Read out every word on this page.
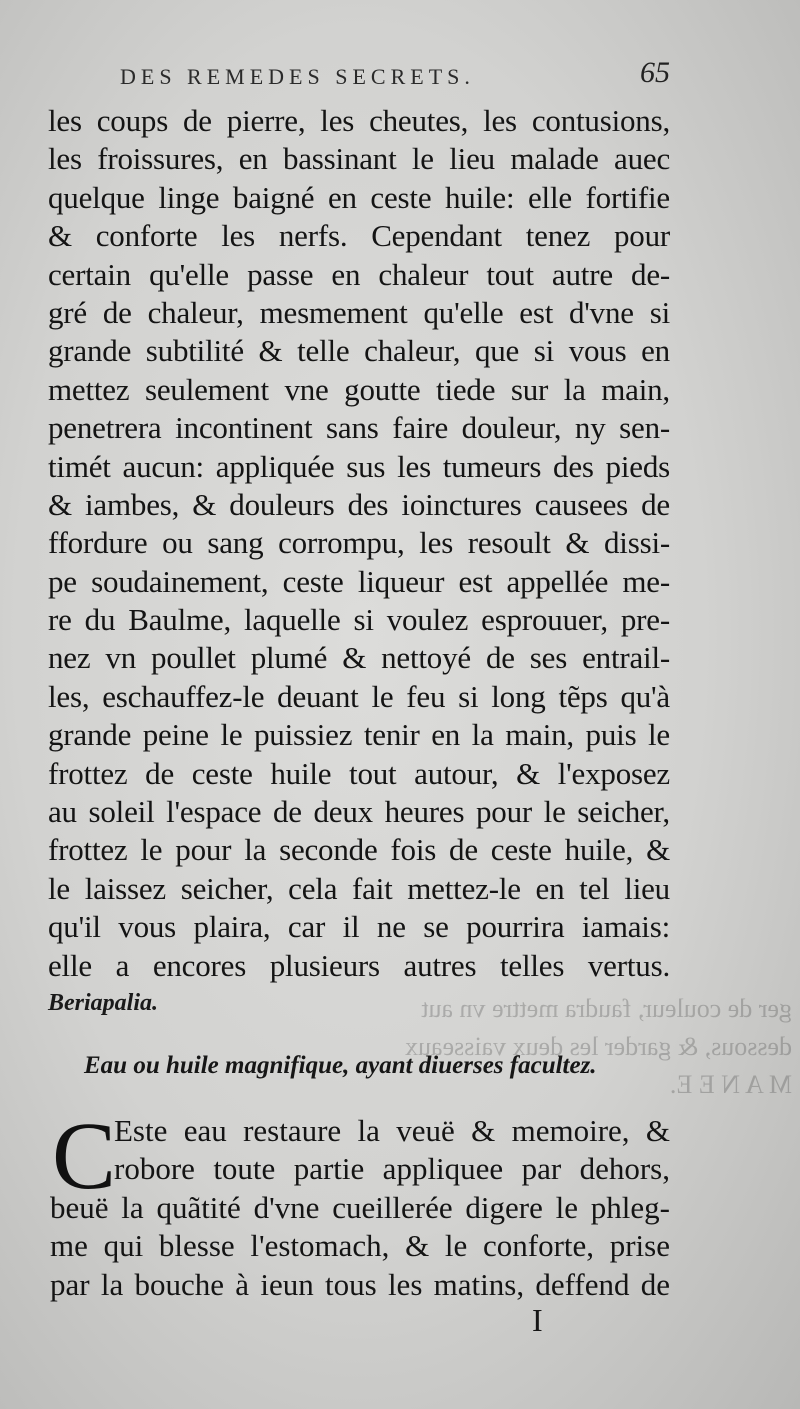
ger de couleur, faudra mettre vn aut
dessous, & garder les deux vaisseaux
M A N E E.
DES REMEDES SECRETS.	65
les coups de pierre, les cheutes, les contusions,
les froissures, en bassinant le lieu malade auec
quelque linge baigné en ceste huile: elle fortifie
& conforte les nerfs. Cependant tenez pour
certain qu'elle passe en chaleur tout autre de-
gré de chaleur, mesmement qu'elle est d'vne si
grande subtilité & telle chaleur, que si vous en
mettez seulement vne goutte tiede sur la main,
penetrera incontinent sans faire douleur, ny sen-
timét aucun: appliquée sus les tumeurs des pieds
& iambes, & douleurs des ioinctures causees de
ffordure ou sang corrompu, les resoult & dissi-
pe soudainement, ceste liqueur est appellée me-
re du Baulme, laquelle si voulez esprouuer, pre-
nez vn poullet plumé & nettoyé de ses entrail-
les, eschauffez-le deuant le feu si long tẽps qu'à
grande peine le puissiez tenir en la main, puis le
frottez de ceste huile tout autour, & l'exposez
au soleil l'espace de deux heures pour le seicher,
frottez le pour la seconde fois de ceste huile, &
le laissez seicher, cela fait mettez-le en tel lieu
qu'il vous plaira, car il ne se pourrira iamais:
elle a encores plusieurs autres telles vertus.
Beriapalia.
Eau ou huile magnifique, ayant diuerses facultez.
C
Este eau restaure la veuë & memoire, &
robore toute partie appliquee par dehors,
beuë la quãtité d'vne cueillerée digere le phleg-
me qui blesse l'estomach, & le conforte, prise
par la bouche à ieun tous les matins, deffend de
I
